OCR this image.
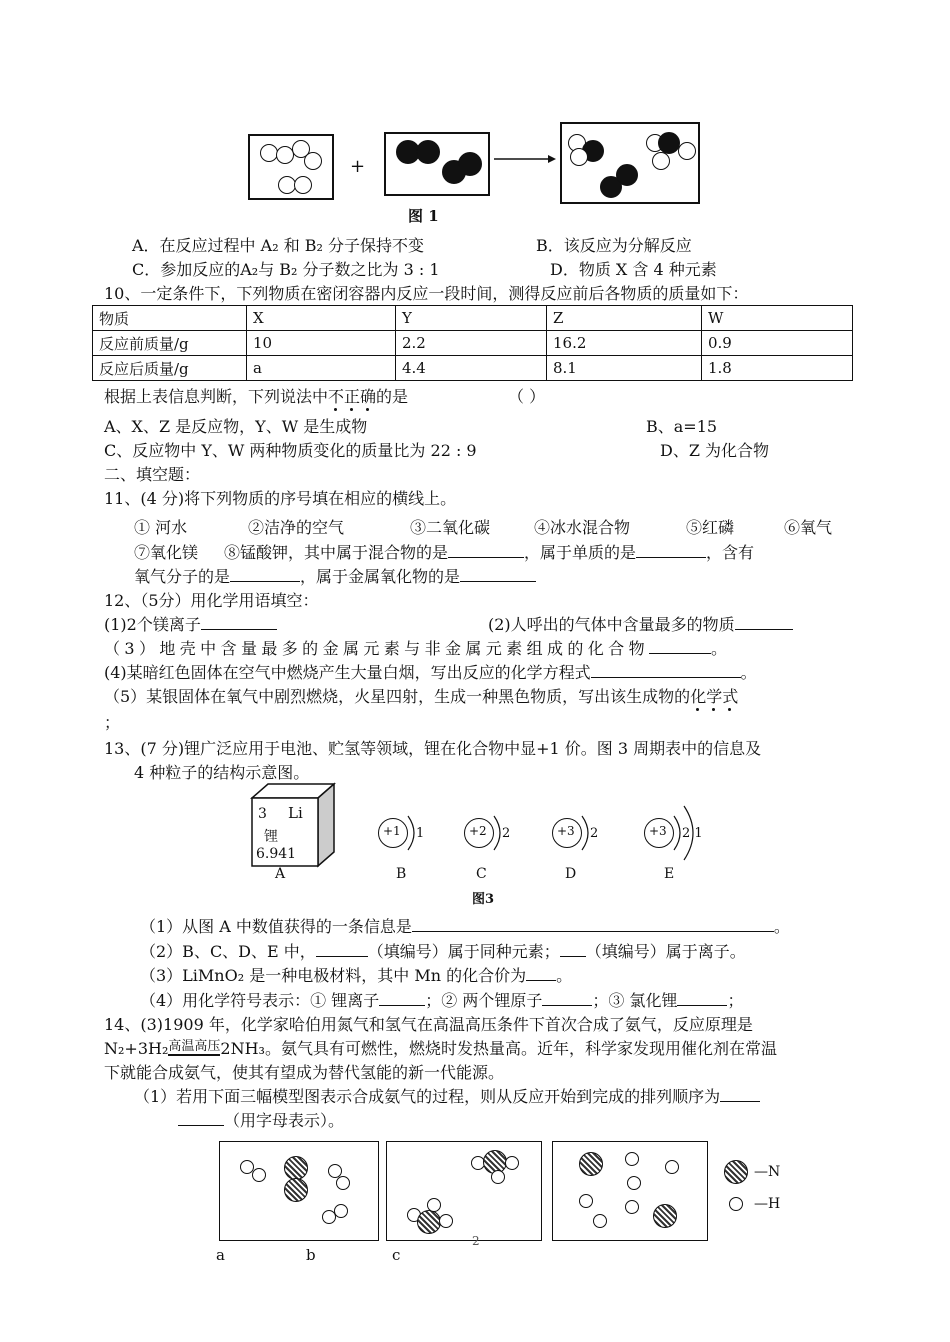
+
图 1
A．在反应过程中 A₂ 和 B₂ 分子保持不变	B．该反应为分解反应
C．参加反应的A₂与 B₂ 分子数之比为 3 : 1	D．物质 X 含 4 种元素
10、一定条件下，下列物质在密闭容器内反应一段时间，测得反应前后各物质的质量如下：
物质	X	Y	Z	W
反应前质量/g	10	2.2	16.2	0.9
反应后质量/g	a	4.4	8.1	1.8
根据上表信息判断，下列说法中不正确
的是	（ ）
A、X、Z 是反应物，Y、W 是生成物	B、a=15
C、反应物中 Y、W 两种物质变化的质量比为 22 : 9	D、Z 为化合物
二、填空题：
11、(4 分)将下列物质的序号填在相应的横线上。
① 河水	②洁净的空气	③二氧化碳	④冰水混合物	⑤红磷	⑥氧气
⑦氧化镁 ⑧锰酸钾，其中属于混合物的是	，属于单质的是	，含有
氧气分子的是	，属于金属氧化物的是
12、（5分）用化学用语填空：
(1)2个镁离子	(2)人呼出的气体中含量最多的物质
（3）地壳中含量最多的金属元素与非金属元素组成的化合物	。
(4)某暗红色固体在空气中燃烧产生大量白烟，写出反应的化学方程式	。
（5）某银固体在氧气中剧烈燃烧，火星四射，生成一种黑色物质，写出该生成物的化学式
；
13、(7 分)锂广泛应用于电池、贮氢等领域，锂在化合物中显+1 价。图 3 周期表中的信息及
4 种粒子的结构示意图。
3 Li
锂
6.941
+1 1	+2 2	+3 2	+3 2 1
A	B	C	D	E
图3
（1）从图 A 中数值获得的一条信息是	。
（2）B、C、D、E 中，	（填编号）属于同种元素； （填编号）属于离子。
（3）LiMnO₂ 是一种电极材料，其中 Mn 的化合价为 。
（4）用化学符号表示：① 锂离子	；② 两个锂原子	；③ 氯化锂	；
14、(3)1909 年，化学家哈伯用氮气和氢气在高温高压条件下首次合成了氨气，反应原理是
N₂+3H₂高温高压2NH₃。氨气具有可燃性，燃烧时发热量高。近年，科学家发现用催化剂在常温
下就能合成氨气，使其有望成为替代氢能的新一代能源。
（1）若用下面三幅模型图表示合成氨气的过程，则从反应开始到完成的排列顺序为
（用字母表示）。
—N
—H
a	b	c
2
